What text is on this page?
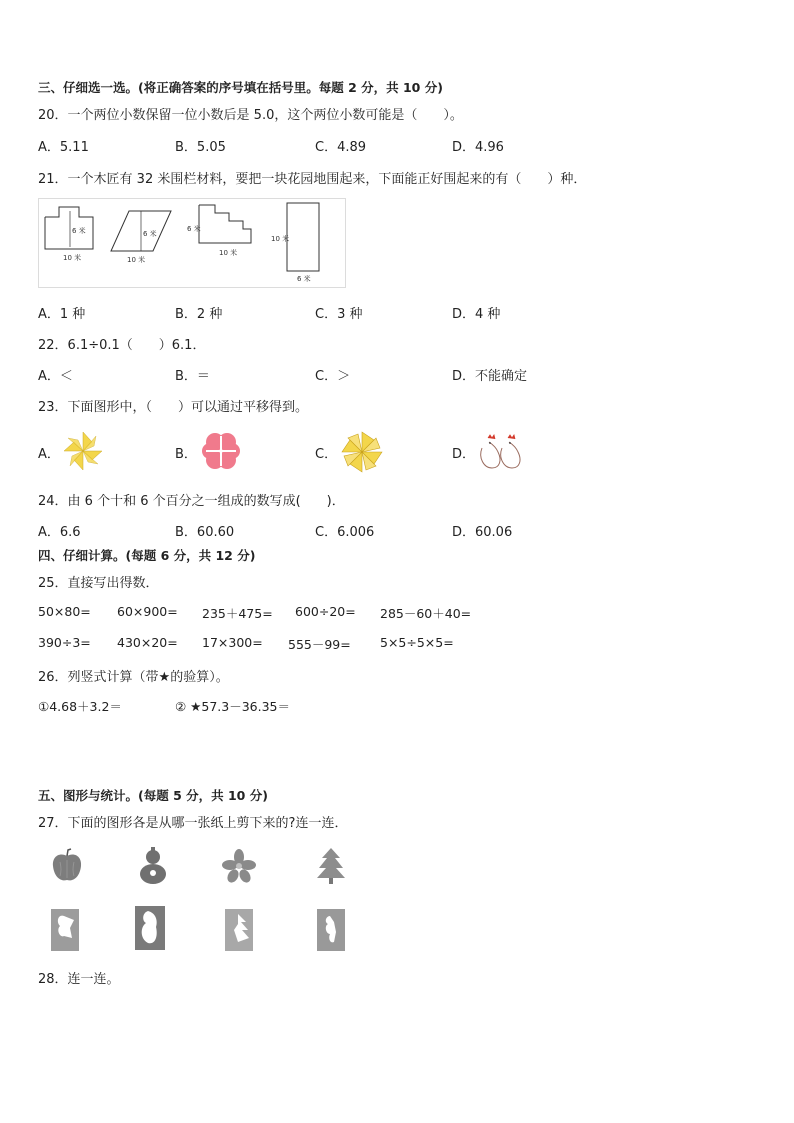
三、仔细选一选。(将正确答案的序号填在括号里。每题 2 分，共 10 分)
20．一个两位小数保留一位小数后是 5.0，这个两位小数可能是（　　）。
A．5.11	B．5.05	C．4.89	D．4.96
21．一个木匠有 32 米围栏材料，要把一块花园地围起来，下面能正好围起来的有（　　）种．
6 米
10 米
6 米
10 米
6 米
10 米
10 米
6 米
A．1 种	B．2 种	C．3 种	D．4 种
22．6.1÷0.1（　　）6.1．
A．＜	B．＝	C．＞	D．不能确定
23．下面图形中，（　　）可以通过平移得到。
A．	B．	C．	D．
24．由 6 个十和 6 个百分之一组成的数写成(　　)．
A．6.6	B．60.60	C．6.006	D．60.06
四、仔细计算。(每题 6 分，共 12 分)
25．直接写出得数．
50×80= 60×900= 235＋475= 600÷20= 285－60＋40=
390÷3= 430×20= 17×300= 555－99= 5×5÷5×5=
26．列竖式计算（带★的验算）。
①4.68＋3.2＝	② ★57.3－36.35＝
五、图形与统计。(每题 5 分，共 10 分)
27．下面的图形各是从哪一张纸上剪下来的?连一连．
28．连一连。
